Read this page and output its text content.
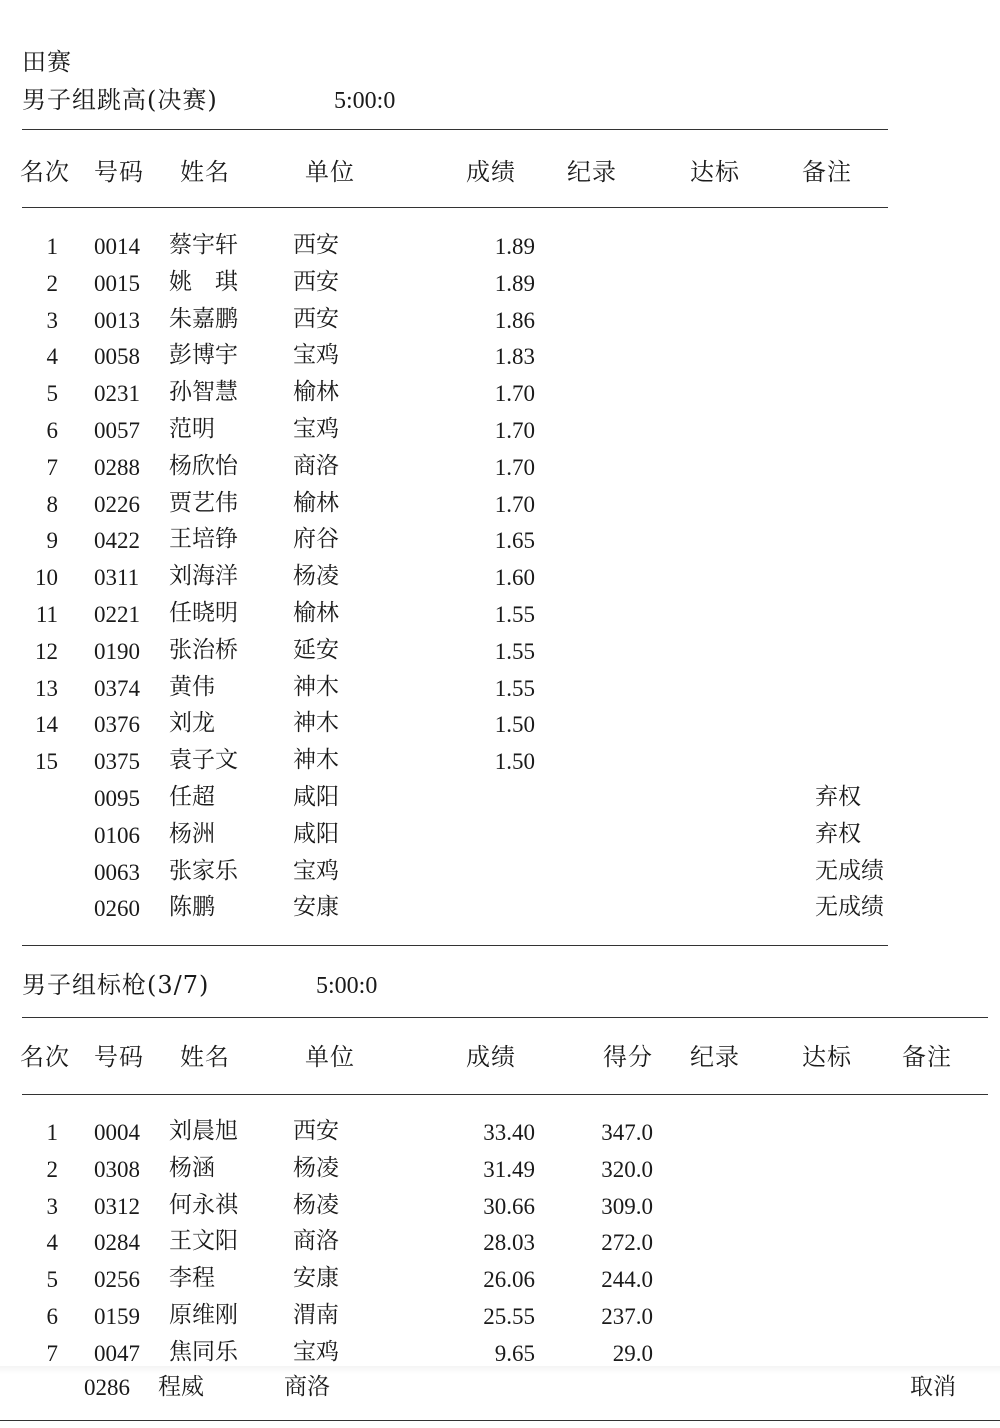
田赛
男子组跳高(决赛)	5:00:0
名次 号码 姓名	单位	成绩 纪录	达标	备注
1 0014 蔡宇轩 西安	1.89
2 0015 姚　琪 西安	1.89
3 0013 朱嘉鹏 西安	1.86
4 0058 彭博宇 宝鸡	1.83
5 0231 孙智慧 榆林	1.70
6 0057 范明	宝鸡	1.70
7 0288 杨欣怡 商洛	1.70
8 0226 贾艺伟 榆林	1.70
9 0422 王培铮 府谷	1.65
10 0311 刘海洋 杨凌	1.60
11 0221 任晓明 榆林	1.55
12 0190 张治桥 延安	1.55
13 0374 黄伟	神木	1.55
14 0376 刘龙	神木	1.50
15 0375 袁子文 神木	1.50
0095 任超	咸阳	弃权
0106 杨洲	咸阳	弃权
0063 张家乐 宝鸡	无成绩
0260 陈鹏	安康	无成绩
男子组标枪(3/7)	5:00:0
名次 号码 姓名	单位	成绩	得分 纪录	达标 备注
1 0004 刘晨旭 西安	33.40	347.0
2 0308 杨涵	杨凌	31.49	320.0
3 0312 何永祺 杨凌	30.66	309.0
4 0284 王文阳 商洛	28.03	272.0
5 0256 李程	安康	26.06	244.0
6 0159 原维刚 渭南	25.55	237.0
7 0047 焦同乐 宝鸡	9.65	29.0
0286 程威	商洛	取消
